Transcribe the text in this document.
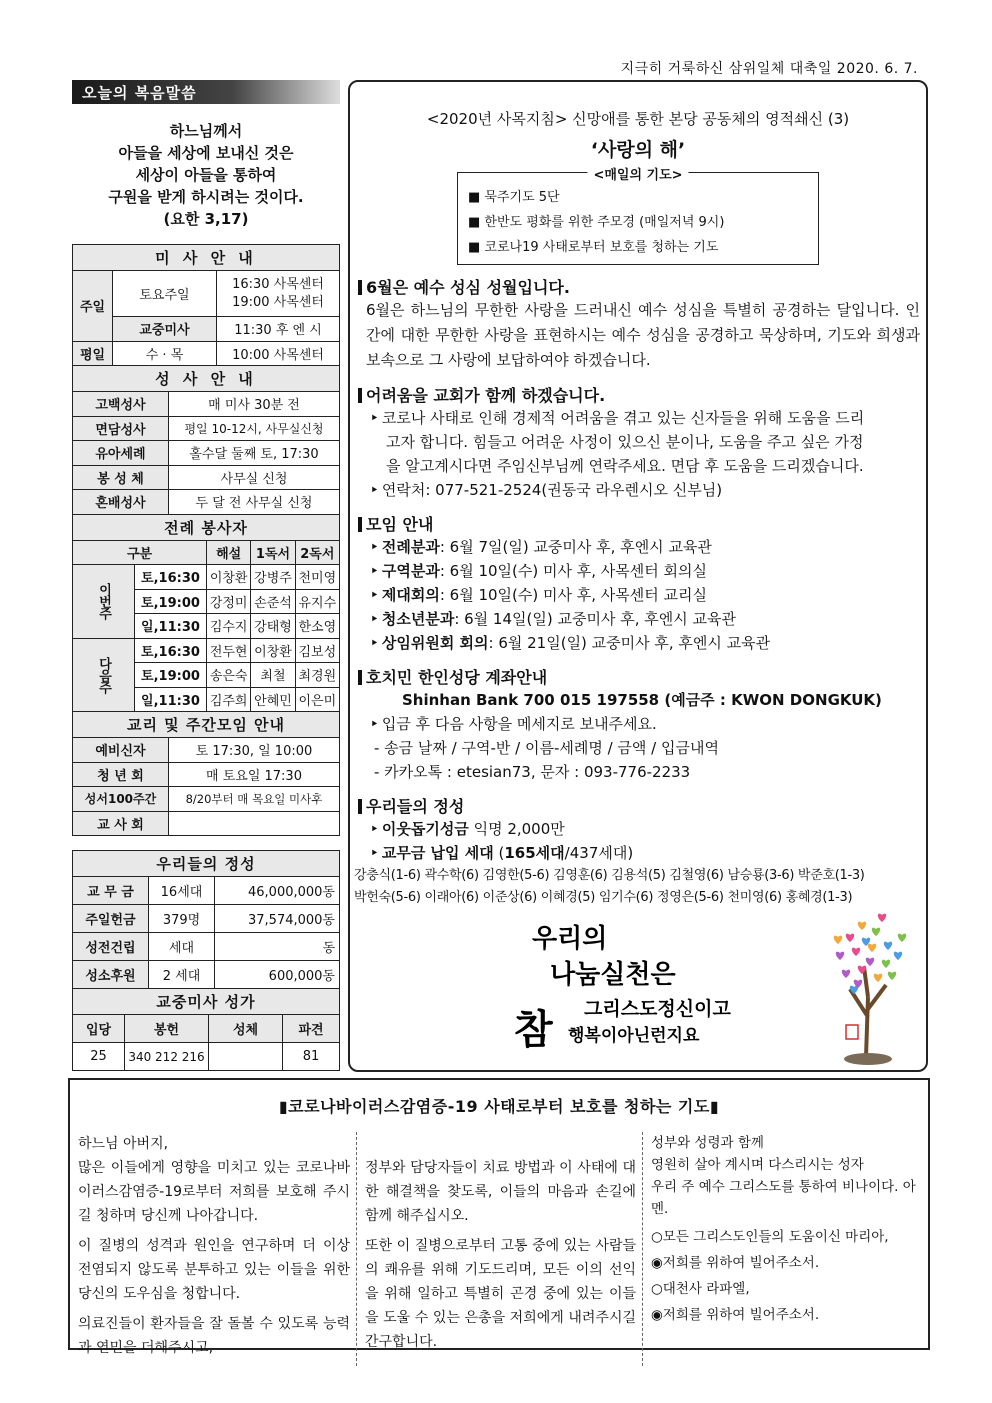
지극히 거룩하신 삼위일체 대축일 2020. 6. 7.
오늘의 복음말씀
하느님께서
아들을 세상에 보내신 것은
세상이 아들을 통하여
구원을 받게 하시려는 것이다.
(요한 3,17)
미 사 안 내		
주일	토요주일	16:30 사목센터
19:00 사목센터

	교중미사	11:30 후 엔 시
평일	수 · 목	10:00 사목센터
성 사 안 내	
고백성사	매 미사 30분 전
면담성사	평일 10-12시, 사무실신청
유아세례	홀수달 둘째 토, 17:30
봉 성 체	사무실 신청
혼배성사	두 달 전 사무실 신청
전례 봉사자				
구분		해설	1독서	2독서
이번주	토,16:30	이창환	강병주	천미영
	토,19:00	강정미	손준석	유지수
	일,11:30	김수지	강태형	한소영
다음주	토,16:30	전두현	이창환	김보성
	토,19:00	송은숙	최철	최경원
	일,11:30	김주희	안혜민	이은미
교리 및 주간모임 안내	
예비신자	토 17:30, 일 10:00
청 년 회	매 토요일 17:30
성서100주간	8/20부터 매 목요일 미사후
교 사 회	
우리들의 정성		
교 무 금	16세대	46,000,000동
주일헌금	379명	37,574,000동
성전건립	세대	동
성소후원	2 세대	600,000동
교중미사 성가			
입당	봉헌	성체	파견
25	340 212 216		81
<2020년 사목지침> 신망애를 통한 본당 공동체의 영적쇄신 (3)
‘사랑의 해’
<매일의 기도>
■ 묵주기도 5단
■ 한반도 평화를 위한 주모경 (매일저녁 9시)
■ 코로나19 사태로부터 보호를 청하는 기도
6월은 예수 성심 성월입니다.
6월은 하느님의 무한한 사랑을 드러내신 예수 성심을 특별히 공경하는 달입니다. 인간에 대한 무한한 사랑을 표현하시는 예수 성심을 공경하고 묵상하며, 기도와 희생과 보속으로 그 사랑에 보답하여야 하겠습니다.
어려움을 교회가 함께 하겠습니다.
‣ 코로나 사태로 인해 경제적 어려움을 겪고 있는 신자들을 위해 도움을 드리
고자 합니다. 힘들고 어려운 사정이 있으신 분이나, 도움을 주고 싶은 가정
을 알고계시다면 주임신부님께 연락주세요. 면담 후 도움을 드리겠습니다.
‣ 연락처: 077-521-2524(권동국 라우렌시오 신부님)
모임 안내
‣ 전례분과: 6월 7일(일) 교중미사 후, 후엔시 교육관
‣ 구역분과: 6월 10일(수) 미사 후, 사목센터 회의실
‣ 제대회의: 6월 10일(수) 미사 후, 사목센터 교리실
‣ 청소년분과: 6월 14일(일) 교중미사 후, 후엔시 교육관
‣ 상임위원회 회의: 6월 21일(일) 교중미사 후, 후엔시 교육관
호치민 한인성당 계좌안내
Shinhan Bank 700 015 197558 (예금주 : KWON DONGKUK)
‣ 입금 후 다음 사항을 메세지로 보내주세요.
- 송금 날짜 / 구역-반 / 이름-세례명 / 금액 / 입금내역
- 카카오톡 : etesian73, 문자 : 093-776-2233
우리들의 정성
‣ 이웃돕기성금 익명 2,000만
‣ 교무금 납입 세대 (165세대/437세대)
강충식(1-6) 곽수학(6) 김영한(5-6) 김영훈(6) 김용석(5) 김철영(6) 남승룡(3-6) 박준호(1-3)
박헌숙(5-6) 이래아(6) 이준상(6) 이혜경(5) 임기수(6) 정영은(5-6) 천미영(6) 홍혜경(1-3)
우리의
나눔실천은
그리스도정신이고
참 행복이아닌런지요
▮코로나바이러스감염증-19 사태로부터 보호를 청하는 기도▮

하느님 아버지,
많은 이들에게 영향을 미치고 있는 코로나바이러스감염증-19로부터 저희를 보호해 주시길 청하며 당신께 나아갑니다.

이 질병의 성격과 원인을 연구하며 더 이상 전염되지 않도록 분투하고 있는 이들을 위한 당신의 도우심을 청합니다.

의료진들이 환자들을 잘 돌볼 수 있도록 능력과 연민을 더해주시고,

정부와 담당자들이 치료 방법과 이 사태에 대한 해결책을 찾도록, 이들의 마음과 손길에 함께 해주십시오.

또한 이 질병으로부터 고통 중에 있는 사람들의 쾌유를 위해 기도드리며, 모든 이의 선익을 위해 일하고 특별히 곤경 중에 있는 이들을 도울 수 있는 은총을 저희에게 내려주시길 간구합니다.

성부와 성령과 함께
영원히 살아 계시며 다스리시는 성자
우리 주 예수 그리스도를 통하여 비나이다. 아멘.

○모든 그리스도인들의 도움이신 마리아,

◉저희를 위하여 빌어주소서.

○대천사 라파엘,

◉저희를 위하여 빌어주소서.
